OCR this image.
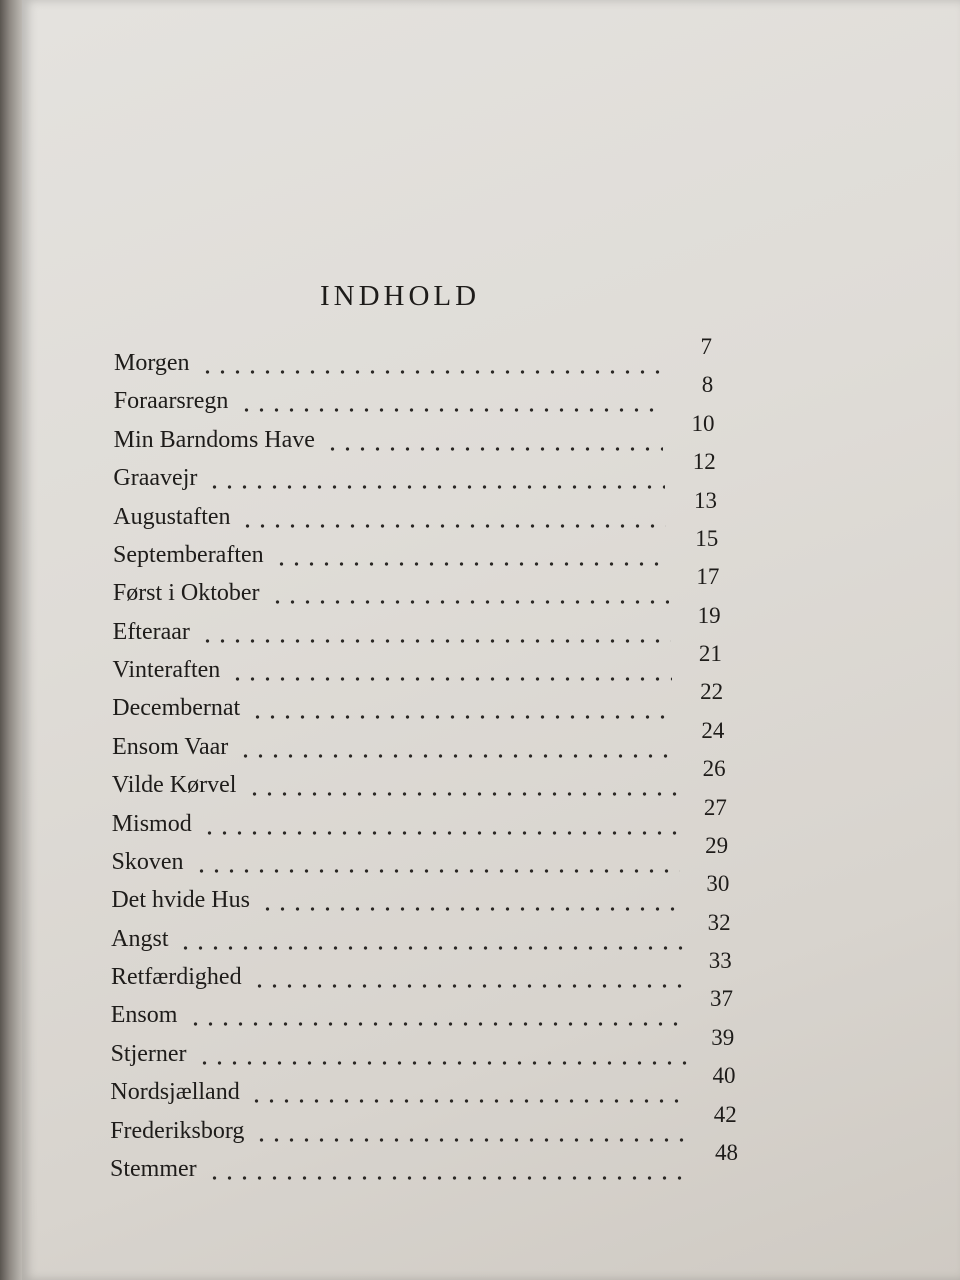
INDHOLD
Morgen
7
Foraarsregn
8
Min Barndoms Have
10
Graavejr
12
Augustaften
13
Septemberaften
15
Først i Oktober
17
Efteraar
19
Vinteraften
21
Decembernat
22
Ensom Vaar
24
Vilde Kørvel
26
Mismod
27
Skoven
29
Det hvide Hus
30
Angst
32
Retfærdighed
33
Ensom
37
Stjerner
39
Nordsjælland
40
Frederiksborg
42
Stemmer
48
